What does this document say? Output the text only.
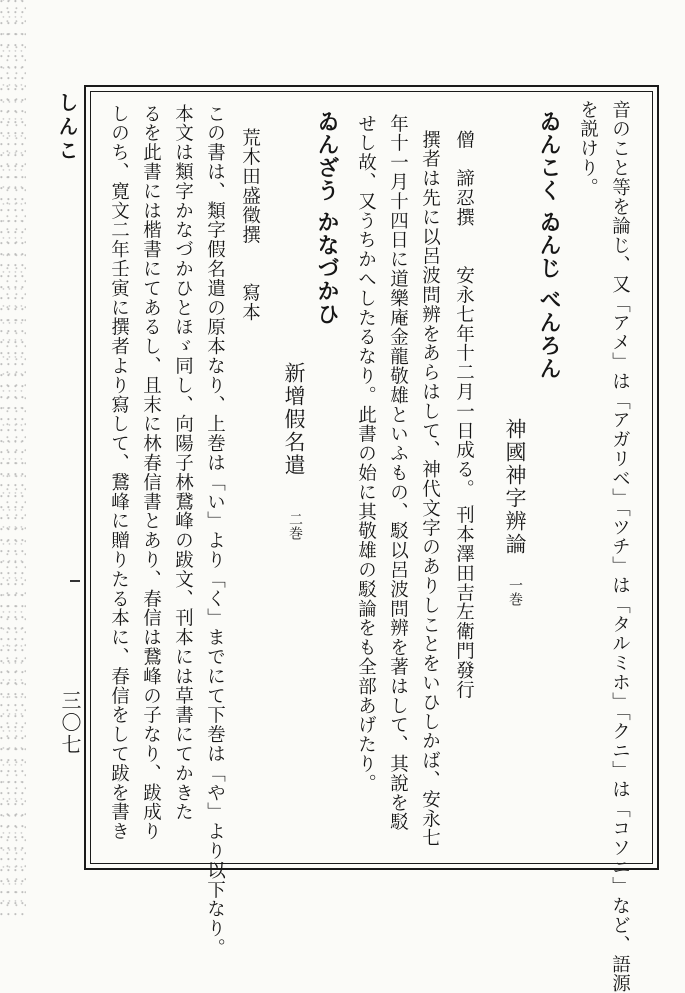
しんこ
三〇七	音のこと等を論じ、又「アメ」は「アガリベ」「ツチ」は「タルミホ」「クニ」は「コソニ」など、語源
を説けり。
ゐんこく ゐんじ べんろん
神國神字辨論
一巻
僧　諦忍撰　　安永七年十二月一日成る。 刊本澤田吉左衛門發行
撰者は先に以呂波問辨をあらはして、神代文字のありしことをいひしかば、安永七
年十一月十四日に道樂庵金龍敬雄といふもの、駁以呂波問辨を著はして、其說を駁
せし故、又うちかへしたるなり。此書の始に其敬雄の駁論をも全部あげたり。
ゐんざう かなづかひ
新增假名遣
二巻
荒木田盛徵撰　　寫本
この書は、類字假名遣の原本なり、上巻は「い」より「く」までにて下巻は「や」より以下なり。
本文は類字かなづかひとほゞ同し、向陽子林鵞峰の跋文、刊本には草書にてかきた
るを此書には楷書にてあるし、且末に林春信書とあり、春信は鵞峰の子なり、跋成り
しのち、寛文二年壬寅に撰者より寫して、鵞峰に贈りたる本に、春信をして跋を書き
